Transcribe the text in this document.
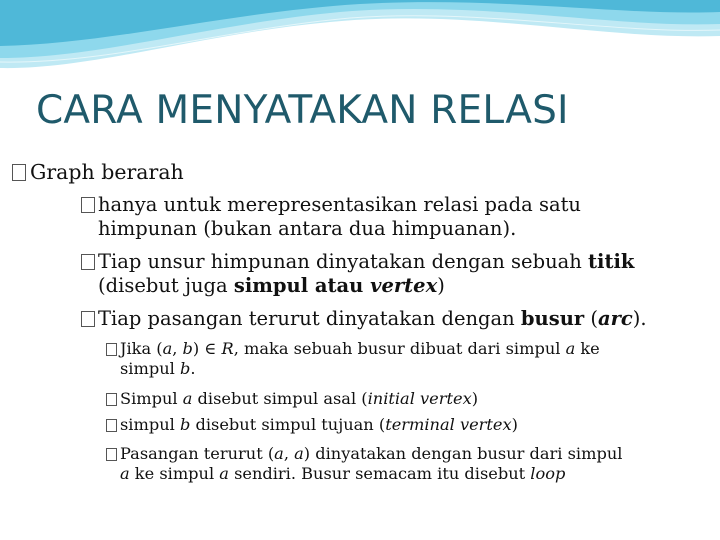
CARA MENYATAKAN RELASI
Graph berarah
hanya untuk merepresentasikan relasi pada satu
himpunan (bukan antara dua himpuanan).
Tiap unsur himpunan dinyatakan dengan sebuah titik
(disebut juga simpul atau vertex)
Tiap pasangan terurut dinyatakan dengan busur (arc).
Jika (a, b) ∈ R, maka sebuah busur dibuat dari simpul a ke
simpul b.
Simpul a disebut simpul asal (initial vertex)
simpul b disebut simpul tujuan (terminal vertex)
Pasangan terurut (a, a) dinyatakan dengan busur dari simpul
a ke simpul a sendiri. Busur semacam itu disebut loop
